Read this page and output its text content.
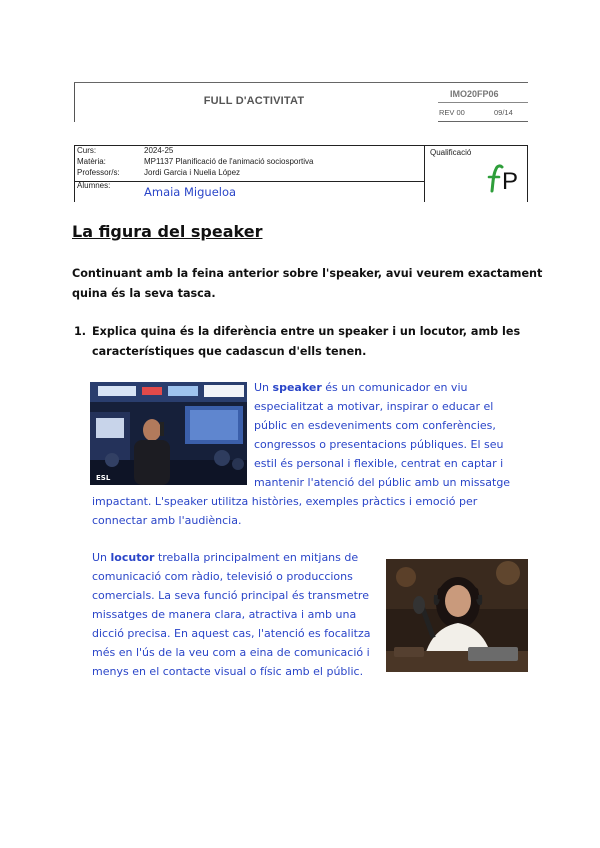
FULL D'ACTIVITAT
IMO20FP06
REV 00	09/14
Curs:
Matèria:
Professor/s:
Alumnes:
2024-25
MP1137 Planificació de l'animació sociosportiva
Jordi Garcia i Nuelia López
Amaia Migueloa
Qualificació
P
La figura del speaker

Continuant amb la feina anterior sobre l'speaker, avui veurem exactament
quina és la seva tasca.

1. Explica quina és la diferència entre un speaker i un locutor, amb les
característiques que cadascun d'ells tenen.
ESL
Un speaker és un comunicador en viu
especialitzat a motivar, inspirar o educar el
públic en esdeveniments com conferències,
congressos o presentacions públiques. El seu
estil és personal i flexible, centrat en captar i
mantenir l'atenció del públic amb un missatge
impactant. L'speaker utilitza històries, exemples pràctics i emoció per
connectar amb l'audiència.
Un locutor treballa principalment en mitjans de
comunicació com ràdio, televisió o produccions
comercials. La seva funció principal és transmetre
missatges de manera clara, atractiva i amb una
dicció precisa. En aquest cas, l'atenció es focalitza
més en l'ús de la veu com a eina de comunicació i
menys en el contacte visual o físic amb el públic.
